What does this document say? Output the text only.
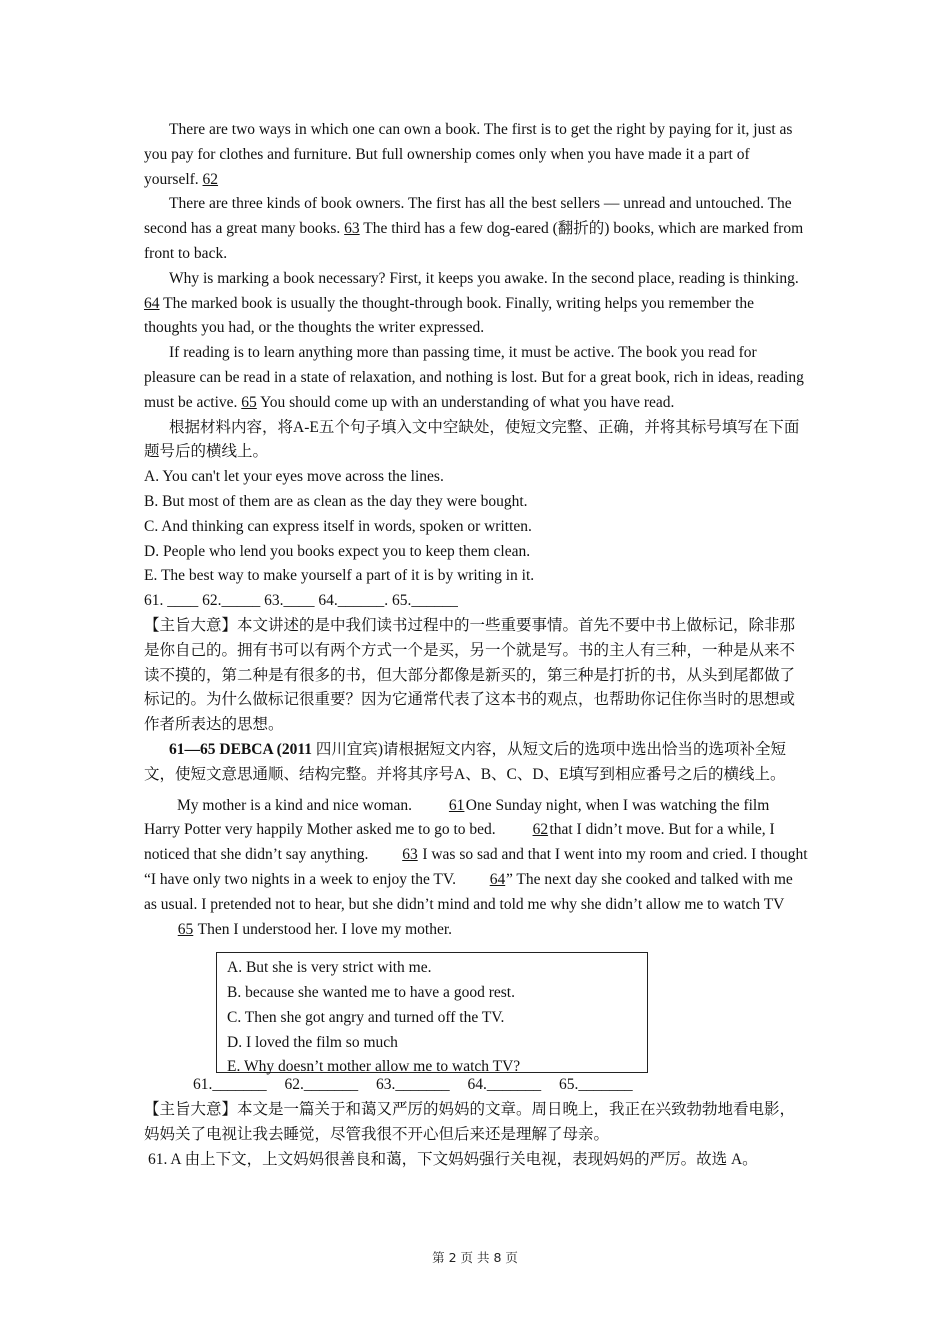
There are two ways in which one can own a book. The first is to get the right by paying for it, just as you pay for clothes and furniture. But full ownership comes only when you have made it a part of yourself. 62

There are three kinds of book owners. The first has all the best sellers — unread and untouched. The second has a great many books. 63 The third has a few dog-eared (翻折的) books, which are marked from front to back.

Why is marking a book necessary? First, it keeps you awake. In the second place, reading is thinking. 64 The marked book is usually the thought-through book. Finally, writing helps you remember the thoughts you had, or the thoughts the writer expressed.

If reading is to learn anything more than passing time, it must be active. The book you read for pleasure can be read in a state of relaxation, and nothing is lost. But for a great book, rich in ideas, reading must be active. 65 You should come up with an understanding of what you have read.

根据材料内容，将A-E五个句子填入文中空缺处，使短文完整、正确，并将其标号填写在下面题号后的横线上。

A. You can't let your eyes move across the lines.

B. But most of them are as clean as the day they were bought.

C. And thinking can express itself in words, spoken or written.

D. People who lend you books expect you to keep them clean.

E. The best way to make yourself a part of it is by writing in it.

61. ____ 62._____ 63.____ 64.______. 65.______

【主旨大意】本文讲述的是中我们读书过程中的一些重要事情。首先不要中书上做标记，除非那是你自己的。拥有书可以有两个方式一个是买，另一个就是写。书的主人有三种，一种是从来不读不摸的，第二种是有很多的书，但大部分都像是新买的，第三种是打折的书，从头到尾都做了标记的。为什么做标记很重要？因为它通常代表了这本书的观点，也帮助你记住你当时的思想或作者所表达的思想。

61—65 DEBCA (2011 四川宜宾)请根据短文内容，从短文后的选项中选出恰当的选项补全短文，使短文意思通顺、结构完整。并将其序号A、B、C、D、E填写到相应番号之后的横线上。

My mother is a kind and nice woman. 61 One Sunday night, when I was watching the film Harry Potter very happily Mother asked me to go to bed. 62 that I didn’t move. But for a while, I noticed that she didn’t say anything. 63 I was so sad and that I went into my room and cried. I thought “I have only two nights in a week to enjoy the TV. 64” The next day she cooked and talked with me as usual. I pretended not to hear, but she didn’t mind and told me why she didn’t allow me to watch TV65 Then I understood her. I love my mother.

A. But she is very strict with me.

B. because she wanted me to have a good rest.

C. Then she got angry and turned off the TV.

D. I loved the film so much

E. Why doesn’t mother allow me to watch TV?

61._______ 62._______ 63._______ 64._______ 65._______

【主旨大意】本文是一篇关于和蔼又严厉的妈妈的文章。周日晚上，我正在兴致勃勃地看电影，妈妈关了电视让我去睡觉，尽管我很不开心但后来还是理解了母亲。

61. A 由上下文，上文妈妈很善良和蔼，下文妈妈强行关电视，表现妈妈的严厉。故选 A。

第 2 页 共 8 页
